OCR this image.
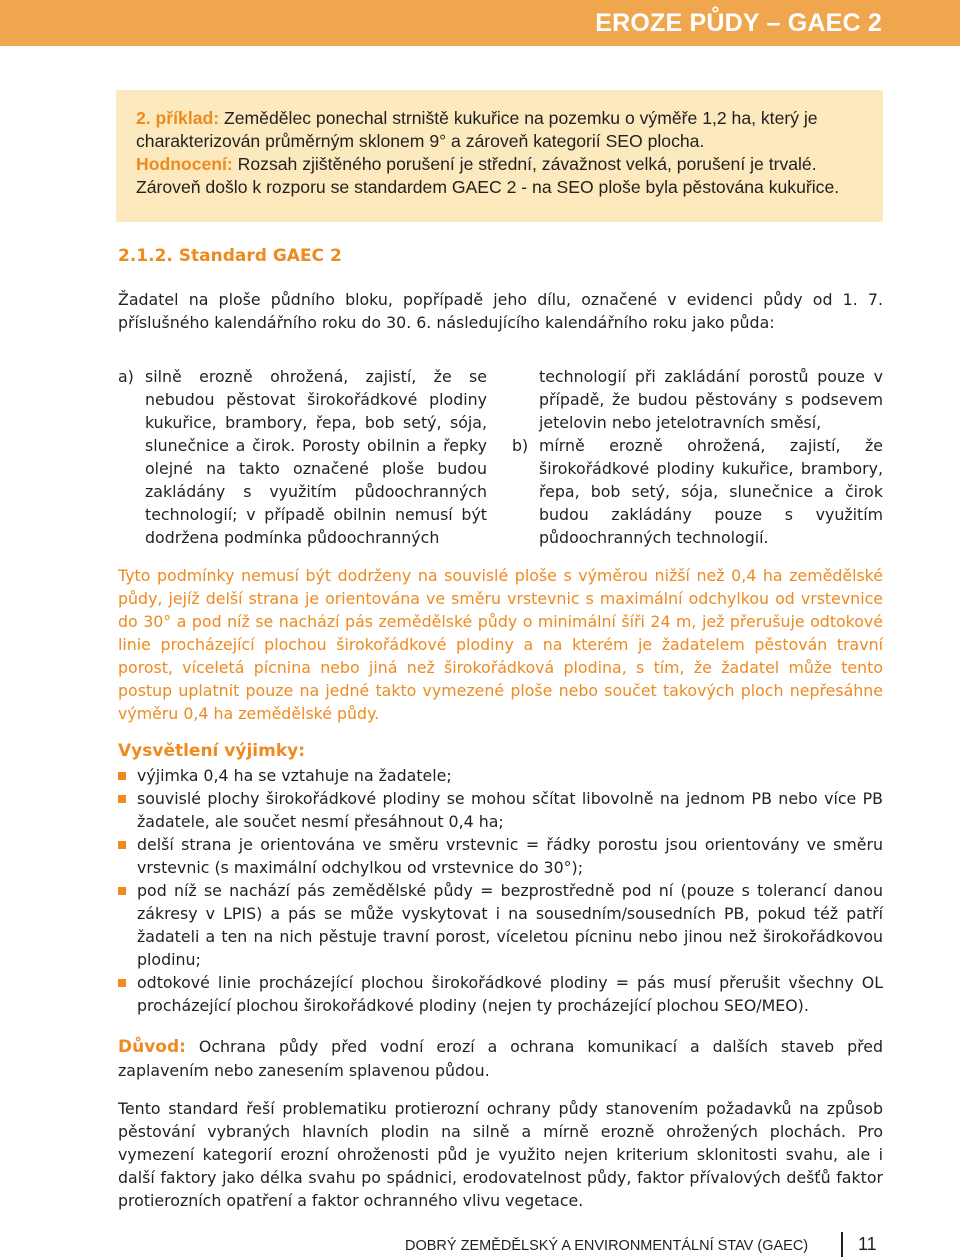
EROZE PŮDY – GAEC 2
2. příklad: Zemědělec ponechal strniště kukuřice na pozemku o výměře 1,2 ha, který je
charakterizován průměrným sklonem 9° a zároveň kategorií SEO plocha.
Hodnocení: Rozsah zjištěného porušení je střední, závažnost velká, porušení je trvalé.
Zároveň došlo k rozporu se standardem GAEC 2 - na SEO ploše byla pěstována kukuřice.
2.1.2. Standard GAEC 2

Žadatel na ploše půdního bloku, popřípadě jeho dílu, označené v evidenci půdy od 1. 7. příslušného kalendářního roku do 30. 6. následujícího kalendářního roku jako půda:

a) silně erozně ohrožená, zajistí, že se nebudou pěstovat širokořádkové plodiny kukuřice, brambory, řepa, bob setý, sója, slunečnice a čirok. Porosty obilnin a řepky olejné na takto označené ploše budou zakládány s využitím půdoochranných technologií; v případě obilnin nemusí být dodržena podmínka půdoochranných
technologií při zakládání porostů pouze v případě, že budou pěstovány s podsevem jetelovin nebo jetelotravních směsí,
b) mírně erozně ohrožená, zajistí, že širokořádkové plodiny kukuřice, brambory, řepa, bob setý, sója, slunečnice a čirok budou zakládány pouze s využitím půdoochranných technologií.

Tyto podmínky nemusí být dodrženy na souvislé ploše s výměrou nižší než 0,4 ha zemědělské půdy, jejíž delší strana je orientována ve směru vrstevnic s maximální odchylkou od vrstevnice do 30° a pod níž se nachází pás zemědělské půdy o minimální šíři 24 m, jež přerušuje odtokové linie procházející plochou širokořádkové plodiny a na kterém je žadatelem pěstován travní porost, víceletá pícnina nebo jiná než širokořádková plodina, s tím, že žadatel může tento postup uplatnit pouze na jedné takto vymezené ploše nebo součet takových ploch nepřesáhne výměru 0,4 ha zemědělské půdy.

Vysvětlení výjimky:
výjimka 0,4 ha se vztahuje na žadatele;
souvislé plochy širokořádkové plodiny se mohou sčítat libovolně na jednom PB nebo více PB žadatele, ale součet nesmí přesáhnout 0,4 ha;
delší strana je orientována ve směru vrstevnic = řádky porostu jsou orientovány ve směru vrstevnic (s maximální odchylkou od vrstevnice do 30°);
pod níž se nachází pás zemědělské půdy = bezprostředně pod ní (pouze s tolerancí danou zákresy v LPIS) a pás se může vyskytovat i na sousedním/sousedních PB, pokud též patří žadateli a ten na nich pěstuje travní porost, víceletou pícninu nebo jinou než širokořádkovou plodinu;
odtokové linie procházející plochou širokořádkové plodiny = pás musí přerušit všechny OL procházející plochou širokořádkové plodiny (nejen ty procházející plochou SEO/MEO).

Důvod: Ochrana půdy před vodní erozí a ochrana komunikací a dalších staveb před zaplavením nebo zanesením splavenou půdou.

Tento standard řeší problematiku protierozní ochrany půdy stanovením požadavků na způsob pěstování vybraných hlavních plodin na silně a mírně erozně ohrožených plochách. Pro vymezení kategorií erozní ohroženosti půd je využito nejen kriterium sklonitosti svahu, ale i další faktory jako délka svahu po spádnici, erodovatelnost půdy, faktor přívalových dešťů faktor protierozních opatření a faktor ochranného vlivu vegetace.

DOBRÝ ZEMĚDĚLSKÝ A ENVIRONMENTÁLNÍ STAV (GAEC)	11
